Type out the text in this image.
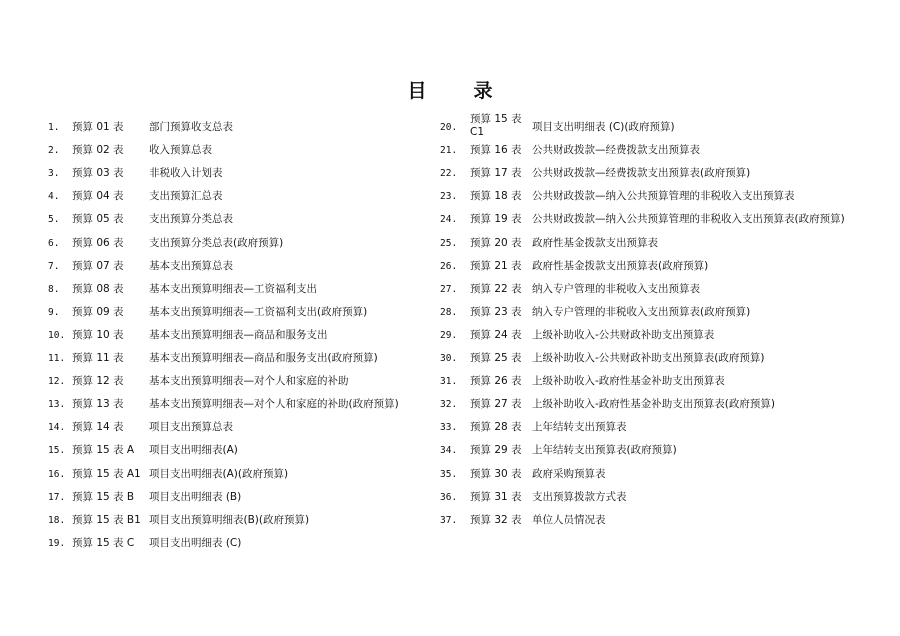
目　录
1. 预算 01 表 部门预算收支总表
2. 预算 02 表 收入预算总表
3. 预算 03 表 非税收入计划表
4. 预算 04 表 支出预算汇总表
5. 预算 05 表 支出预算分类总表
6. 预算 06 表 支出预算分类总表(政府预算)
7. 预算 07 表 基本支出预算总表
8. 预算 08 表 基本支出预算明细表—工资福利支出
9. 预算 09 表 基本支出预算明细表—工资福利支出(政府预算)
10. 预算 10 表 基本支出预算明细表—商品和服务支出
11. 预算 11 表 基本支出预算明细表—商品和服务支出(政府预算)
12. 预算 12 表 基本支出预算明细表—对个人和家庭的补助
13. 预算 13 表 基本支出预算明细表—对个人和家庭的补助(政府预算)
14. 预算 14 表 项目支出预算总表
15. 预算 15 表 A 项目支出明细表(A)
16. 预算 15 表 A1 项目支出明细表(A)(政府预算)
17. 预算 15 表 B 项目支出明细表 (B)
18. 预算 15 表 B1 项目支出预算明细表(B)(政府预算)
19. 预算 15 表 C 项目支出明细表 (C)
20.
预算 15 表 C1	项目支出明细表 (C)(政府预算)
21. 预算 16 表 公共财政拨款—经费拨款支出预算表
22. 预算 17 表 公共财政拨款—经费拨款支出预算表(政府预算)
23. 预算 18 表 公共财政拨款—纳入公共预算管理的非税收入支出预算表
24. 预算 19 表 公共财政拨款—纳入公共预算管理的非税收入支出预算表(政府预算)
25. 预算 20 表 政府性基金拨款支出预算表
26. 预算 21 表 政府性基金拨款支出预算表(政府预算)
27. 预算 22 表 纳入专户管理的非税收入支出预算表
28. 预算 23 表 纳入专户管理的非税收入支出预算表(政府预算)
29. 预算 24 表 上级补助收入-公共财政补助支出预算表
30. 预算 25 表 上级补助收入-公共财政补助支出预算表(政府预算)
31. 预算 26 表 上级补助收入-政府性基金补助支出预算表
32. 预算 27 表 上级补助收入-政府性基金补助支出预算表(政府预算)
33. 预算 28 表 上年结转支出预算表
34. 预算 29 表 上年结转支出预算表(政府预算)
35. 预算 30 表 政府采购预算表
36. 预算 31 表 支出预算拨款方式表
37. 预算 32 表 单位人员情况表
